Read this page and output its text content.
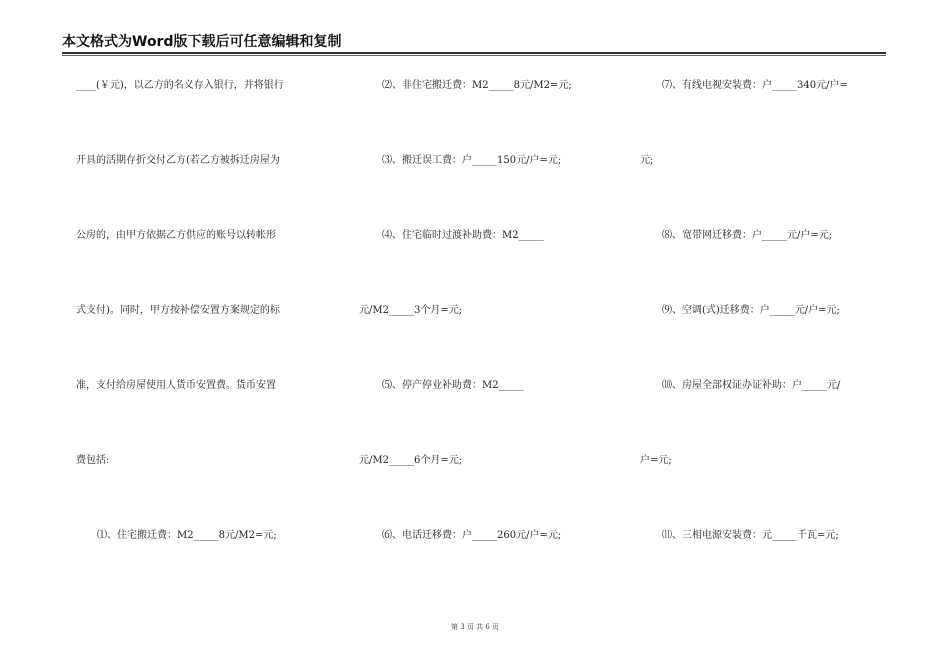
本文格式为Word版下载后可任意编辑和复制
____(￥元)，以乙方的名义存入银行，并将银行
开具的活期存折交付乙方(若乙方被拆迁房屋为
公房的，由甲方依据乙方供应的账号以转帐形
式支付)。同时，甲方按补偿安置方案规定的标
准，支付给房屋使用人货币安置费。货币安置
费包括:
⑴、住宅搬迁费：M2_____8元/M2=元;
⑵、非住宅搬迁费：M2_____8元/M2=元;
⑶、搬迁误工费：户_____150元/户=元;
⑷、住宅临时过渡补助费：M2_____
元/M2_____3个月=元;
⑸、停产停业补助费：M2_____
元/M2_____6个月=元;
⑹、电话迁移费：户_____260元/户=元;
⑺、有线电视安装费：户_____340元/户=
元;
⑻、宽带网迁移费：户_____元/户=元;
⑼、空调(式)迁移费：户_____元/户=元;
⑽、房屋全部权证办证补助：户_____元/
户=元;
⑾、三相电源安装费：元_____千瓦=元;
第 3 页 共 6 页
